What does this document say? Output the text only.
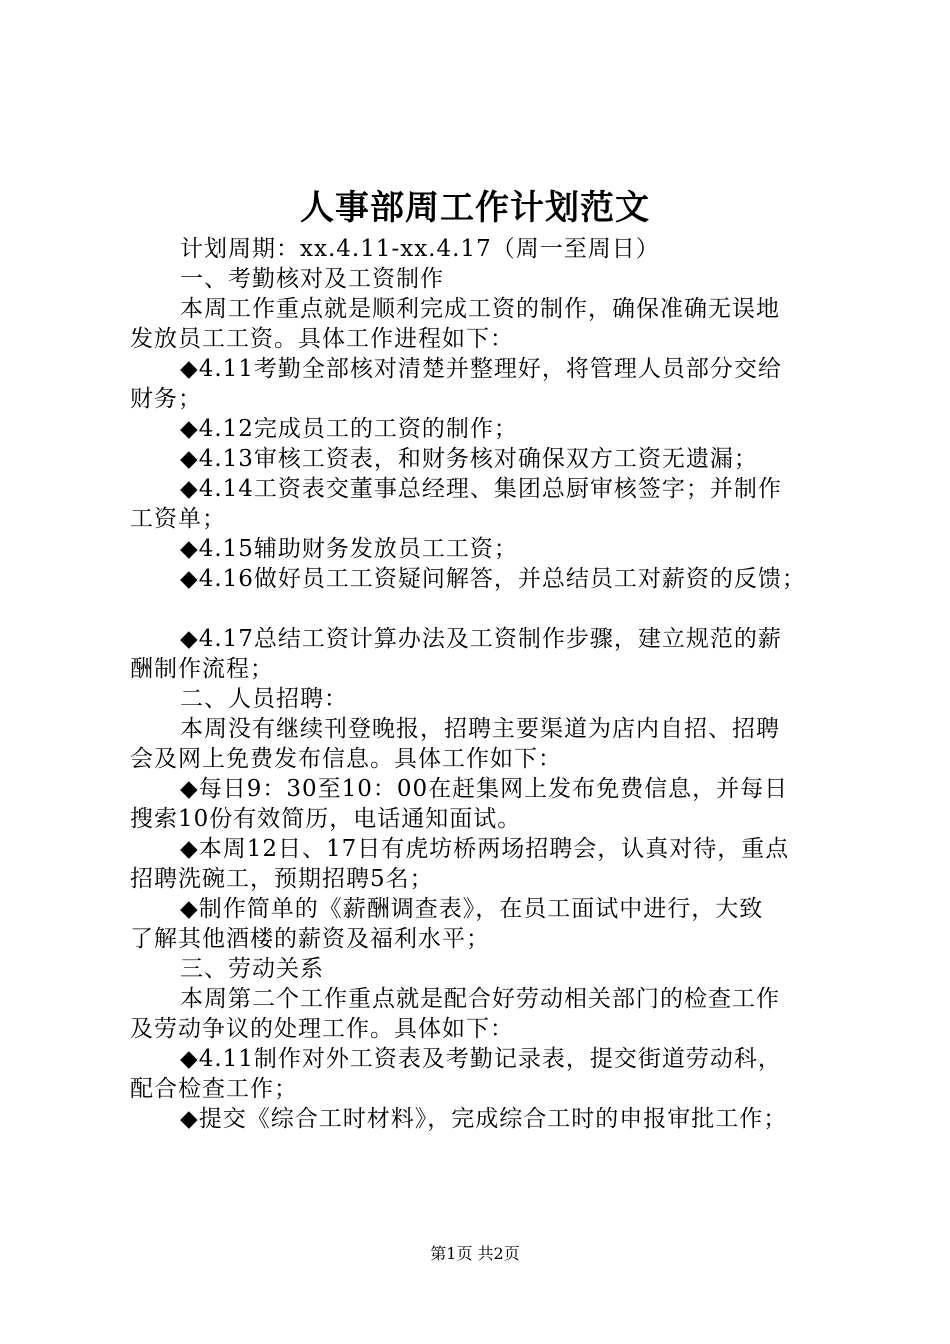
人事部周工作计划范文

计划周期：xx.4.11-xx.4.17（周一至周日）

一、考勤核对及工资制作

本周工作重点就是顺利完成工资的制作，确保准确无误地

发放员工工资。具体工作进程如下：

◆4.11考勤全部核对清楚并整理好，将管理人员部分交给

财务；

◆4.12完成员工的工资的制作；

◆4.13审核工资表，和财务核对确保双方工资无遗漏；

◆4.14工资表交董事总经理、集团总厨审核签字；并制作

工资单；

◆4.15辅助财务发放员工工资；

◆4.16做好员工工资疑问解答，并总结员工对薪资的反馈；

◆4.17总结工资计算办法及工资制作步骤，建立规范的薪

酬制作流程；

二、人员招聘：

本周没有继续刊登晚报，招聘主要渠道为店内自招、招聘

会及网上免费发布信息。具体工作如下：

◆每日9：30至10：00在赶集网上发布免费信息，并每日

搜索10份有效简历，电话通知面试。

◆本周12日、17日有虎坊桥两场招聘会，认真对待，重点

招聘洗碗工，预期招聘5名；

◆制作简单的《薪酬调查表》，在员工面试中进行，大致

了解其他酒楼的薪资及福利水平；

三、劳动关系

本周第二个工作重点就是配合好劳动相关部门的检查工作

及劳动争议的处理工作。具体如下：

◆4.11制作对外工资表及考勤记录表，提交街道劳动科，

配合检查工作；

◆提交《综合工时材料》，完成综合工时的申报审批工作；

第1页 共2页
